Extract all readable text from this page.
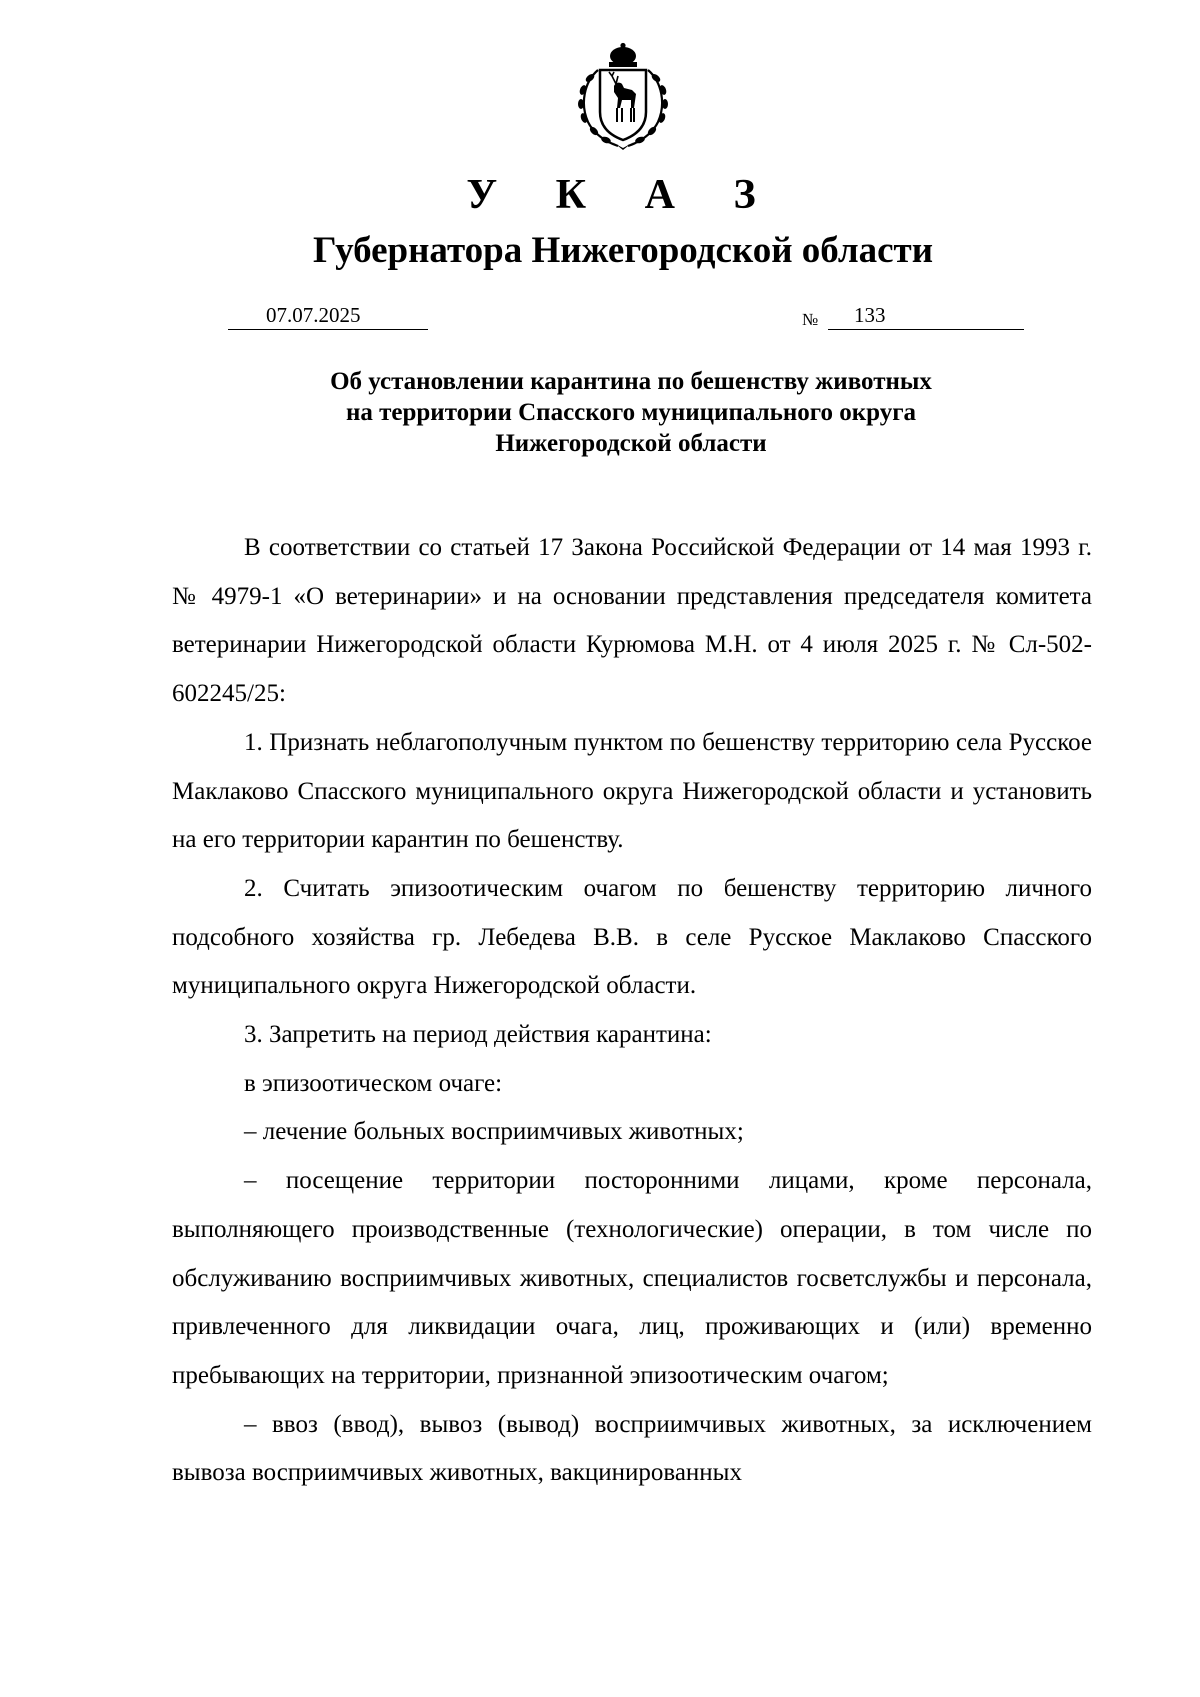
У К А З
Губернатора Нижегородской области
07.07.2025	№	133
Об установлении карантина по бешенству животных
на территории Спасского муниципального округа
Нижегородской области

В соответствии со статьей 17 Закона Российской Федерации от 14 мая 1993 г. № 4979-1 «О ветеринарии» и на основании представления председателя комитета ветеринарии Нижегородской области Курюмова М.Н. от 4 июля 2025 г. № Сл-502-602245/25:

1. Признать неблагополучным пунктом по бешенству территорию села Русское Маклаково Спасского муниципального округа Нижегородской области и установить на его территории карантин по бешенству.

2. Считать эпизоотическим очагом по бешенству территорию личного подсобного хозяйства гр. Лебедева В.В. в селе Русское Маклаково Спасского муниципального округа Нижегородской области.

3. Запретить на период действия карантина:

в эпизоотическом очаге:

– лечение больных восприимчивых животных;

– посещение территории посторонними лицами, кроме персонала, выполняющего производственные (технологические) операции, в том числе по обслуживанию восприимчивых животных, специалистов госветслужбы и персонала, привлеченного для ликвидации очага, лиц, проживающих и (или) временно пребывающих на территории, признанной эпизоотическим очагом;

– ввоз (ввод), вывоз (вывод) восприимчивых животных, за исключением вывоза восприимчивых животных, вакцинированных
